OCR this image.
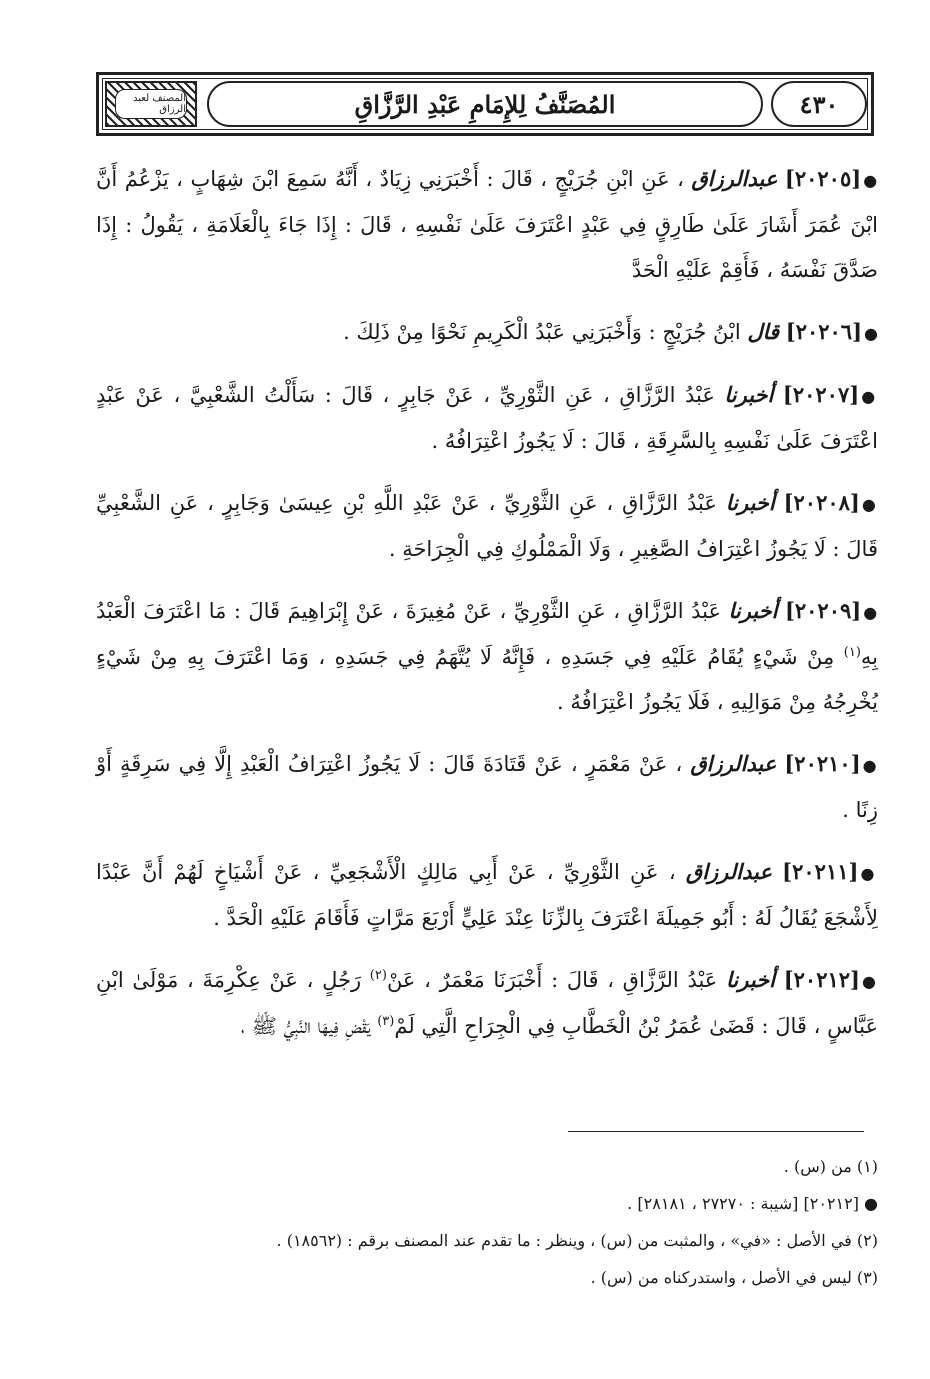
المصنف لعبد الرزاق	المُصَنَّفُ لِلإِمَامِ عَبْدِ الرَّزَّاقِ	٤٣٠

●[٢٠٢٠٥] عبدالرزاق ، عَنِ ابْنِ جُرَيْجٍ ، قَالَ : أَخْبَرَنِي زِيَادٌ ، أَنَّهُ سَمِعَ ابْنَ شِهَابٍ ، يَزْعُمُ أَنَّ ابْنَ عُمَرَ أَشَارَ عَلَىٰ طَارِقٍ فِي عَبْدٍ اعْتَرَفَ عَلَىٰ نَفْسِهِ ، قَالَ : إِذَا جَاءَ بِالْعَلَامَةِ ، يَقُولُ : إِذَا صَدَّقَ نَفْسَهُ ، فَأَقِمْ عَلَيْهِ الْحَدَّ

●[٢٠٢٠٦] قال ابْنُ جُرَيْجٍ : وَأَخْبَرَنِي عَبْدُ الْكَرِيمِ نَحْوًا مِنْ ذَلِكَ .

●[٢٠٢٠٧] أخبرنا عَبْدُ الرَّزَّاقِ ، عَنِ الثَّوْرِيِّ ، عَنْ جَابِرٍ ، قَالَ : سَأَلْتُ الشَّعْبِيَّ ، عَنْ عَبْدٍ اعْتَرَفَ عَلَىٰ نَفْسِهِ بِالسَّرِقَةِ ، قَالَ : لَا يَجُوزُ اعْتِرَافُهُ .

●[٢٠٢٠٨] أخبرنا عَبْدُ الرَّزَّاقِ ، عَنِ الثَّوْرِيِّ ، عَنْ عَبْدِ اللَّهِ بْنِ عِيسَىٰ وَجَابِرٍ ، عَنِ الشَّعْبِيِّ قَالَ : لَا يَجُوزُ اعْتِرَافُ الصَّغِيرِ ، وَلَا الْمَمْلُوكِ فِي الْجِرَاحَةِ .

●[٢٠٢٠٩] أخبرنا عَبْدُ الرَّزَّاقِ ، عَنِ الثَّوْرِيِّ ، عَنْ مُغِيرَةَ ، عَنْ إِبْرَاهِيمَ قَالَ : مَا اعْتَرَفَ الْعَبْدُ بِهِ$^{(١)}$ مِنْ شَيْءٍ يُقَامُ عَلَيْهِ فِي جَسَدِهِ ، فَإِنَّهُ لَا يُتَّهَمُ فِي جَسَدِهِ ، وَمَا اعْتَرَفَ بِهِ مِنْ شَيْءٍ يُخْرِجُهُ مِنْ مَوَالِيهِ ، فَلَا يَجُوزُ اعْتِرَافُهُ .

●[٢٠٢١٠] عبدالرزاق ، عَنْ مَعْمَرٍ ، عَنْ قَتَادَةَ قَالَ : لَا يَجُوزُ اعْتِرَافُ الْعَبْدِ إِلَّا فِي سَرِقَةٍ أَوْ زِنًا .

●[٢٠٢١١] عبدالرزاق ، عَنِ الثَّوْرِيِّ ، عَنْ أَبِي مَالِكٍ الْأَشْجَعِيِّ ، عَنْ أَشْيَاخٍ لَهُمْ أَنَّ عَبْدًا لِأَشْجَعَ يُقَالُ لَهُ : أَبُو جَمِيلَةَ اعْتَرَفَ بِالزِّنَا عِنْدَ عَلِيٍّ أَرْبَعَ مَرَّاتٍ فَأَقَامَ عَلَيْهِ الْحَدَّ .

●[٢٠٢١٢] أخبرنا عَبْدُ الرَّزَّاقِ ، قَالَ : أَخْبَرَنَا مَعْمَرٌ ، عَنْ$^{(٢)}$ رَجُلٍ ، عَنْ عِكْرِمَةَ ، مَوْلَىٰ ابْنِ عَبَّاسٍ ، قَالَ : قَضَىٰ عُمَرُ بْنُ الْخَطَّابِ فِي الْجِرَاحِ الَّتِي لَمْ$^{(٣)}$ يَقْضِ فِيهَا النَّبِيُّ ﷺ ،

(١) من (س) .
● [٢٠٢١٢] [شيبة : ٢٧٢٧٠ ، ٢٨١٨١] .
(٢) في الأصل : «في» ، والمثبت من (س) ، وينظر : ما تقدم عند المصنف برقم : (١٨٥٦٢) .
(٣) ليس في الأصل ، واستدركناه من (س) .
